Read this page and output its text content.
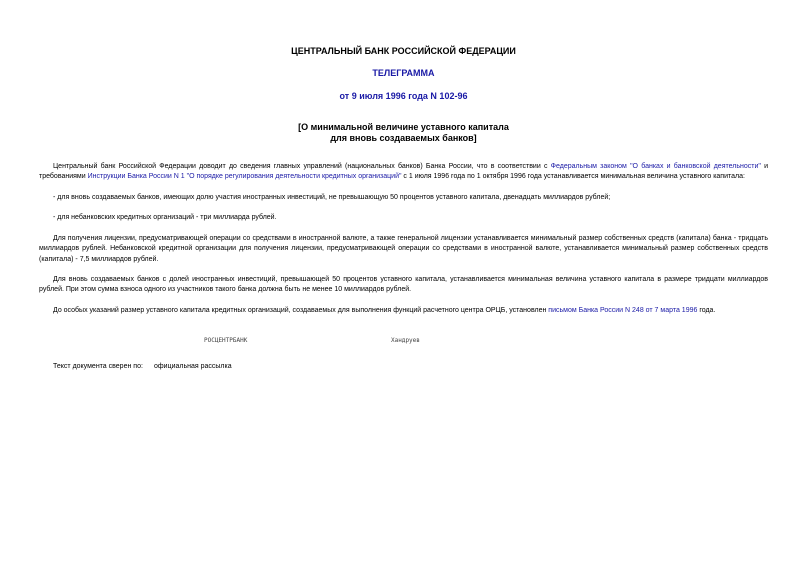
ЦЕНТРАЛЬНЫЙ БАНК РОССИЙСКОЙ ФЕДЕРАЦИИ
ТЕЛЕГРАММА
от 9 июля 1996 года N 102-96
[О минимальной величине уставного капитала
для вновь создаваемых банков]
Центральный банк Российской Федерации доводит до сведения главных управлений (национальных банков) Банка России, что в соответствии с Федеральным законом "О банках и банковской деятельности" и требованиями Инструкции Банка России N 1 "О порядке регулирования деятельности кредитных организаций" с 1 июля 1996 года по 1 октября 1996 года устанавливается минимальная величина уставного капитала:
- для вновь создаваемых банков, имеющих долю участия иностранных инвестиций, не превышающую 50 процентов уставного капитала, двенадцать миллиардов рублей;
- для небанковских кредитных организаций - три миллиарда рублей.
Для получения лицензии, предусматривающей операции со средствами в иностранной валюте, а также генеральной лицензии устанавливается минимальный размер собственных средств (капитала) банка - тридцать миллиардов рублей. Небанковской кредитной организации для получения лицензии, предусматривающей операции со средствами в иностранной валюте, устанавливается минимальный размер собственных средств (капитала) - 7,5 миллиардов рублей.
Для вновь создаваемых банков с долей иностранных инвестиций, превышающей 50 процентов уставного капитала, устанавливается минимальная величина уставного капитала в размере тридцати миллиардов рублей. При этом сумма взноса одного из участников такого банка должна быть не менее 10 миллиардов рублей.
До особых указаний размер уставного капитала кредитных организаций, создаваемых для выполнения функций расчетного центра ОРЦБ, установлен письмом Банка России N 248 от 7 марта 1996 года.
РОСЦЕНТРБАНК	Хандруев
Текст документа сверен по: официальная рассылка
